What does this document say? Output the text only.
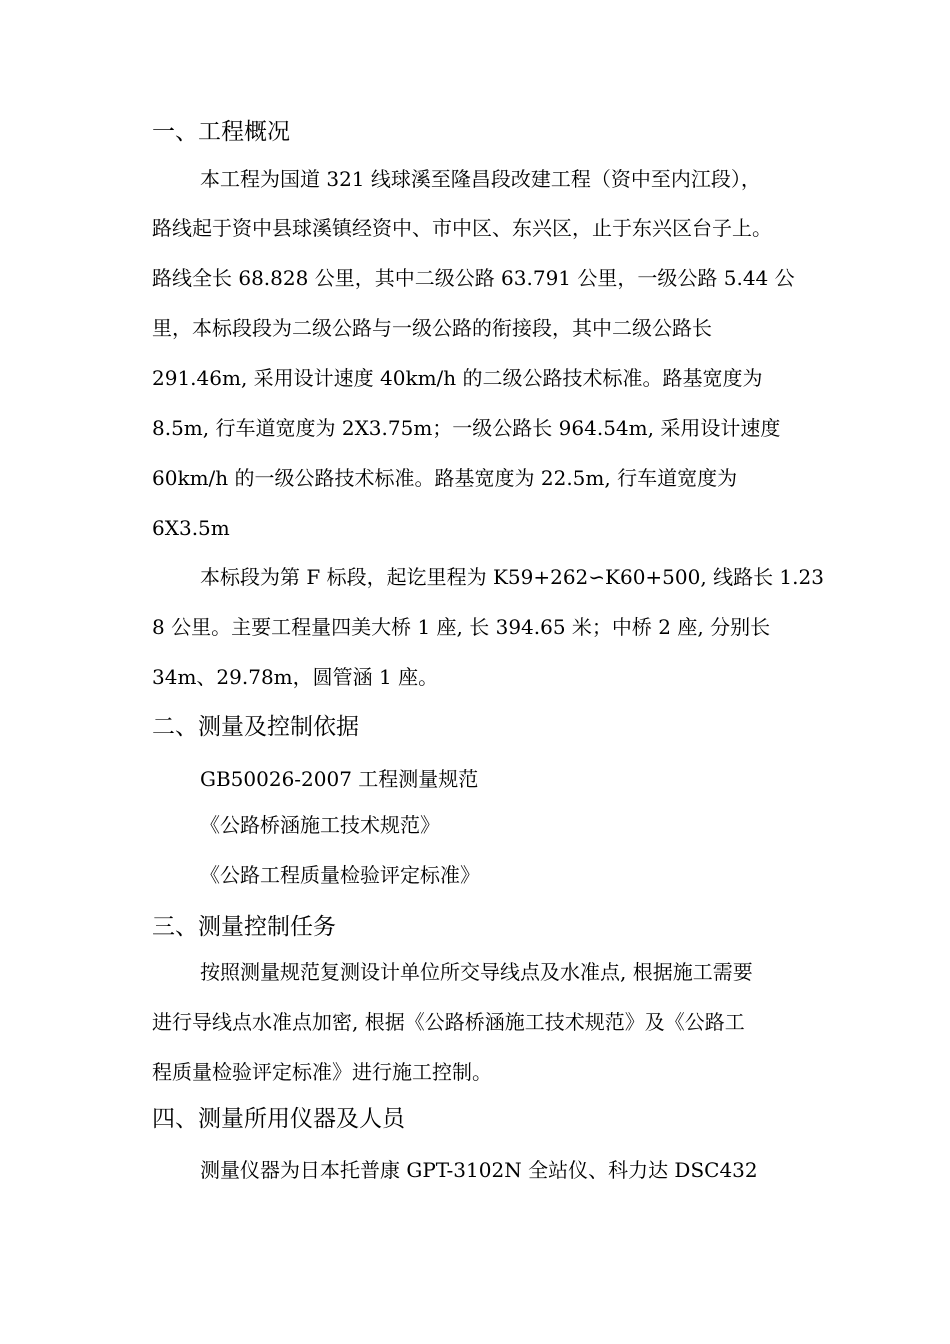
一、工程概况
本工程为国道 321 线球溪至隆昌段改建工程（资中至内江段），
路线起于资中县球溪镇经资中、市中区、东兴区，止于东兴区台子上。
路线全长 68.828 公里，其中二级公路 63.791 公里，一级公路 5.44 公
里，本标段段为二级公路与一级公路的衔接段，其中二级公路长
291.46m, 采用设计速度 40km/h 的二级公路技术标准。路基宽度为
8.5m, 行车道宽度为 2Ⅹ3.75m；一级公路长 964.54m, 采用设计速度
60km/h 的一级公路技术标准。路基宽度为 22.5m, 行车道宽度为
6Ⅹ3.5m
本标段为第 F 标段，起讫里程为 K59+262∽K60+500, 线路长 1.23
8 公里。主要工程量四美大桥 1 座, 长 394.65 米；中桥 2 座, 分别长
34m、29.78m，圆管涵 1 座。
二、测量及控制依据
GB50026-2007 工程测量规范
《公路桥涵施工技术规范》
《公路工程质量检验评定标准》
三、测量控制任务
按照测量规范复测设计单位所交导线点及水准点, 根据施工需要
进行导线点水准点加密, 根据《公路桥涵施工技术规范》及《公路工
程质量检验评定标准》进行施工控制。
四、测量所用仪器及人员
测量仪器为日本托普康 GPT-3102N 全站仪、科力达 DSC432
